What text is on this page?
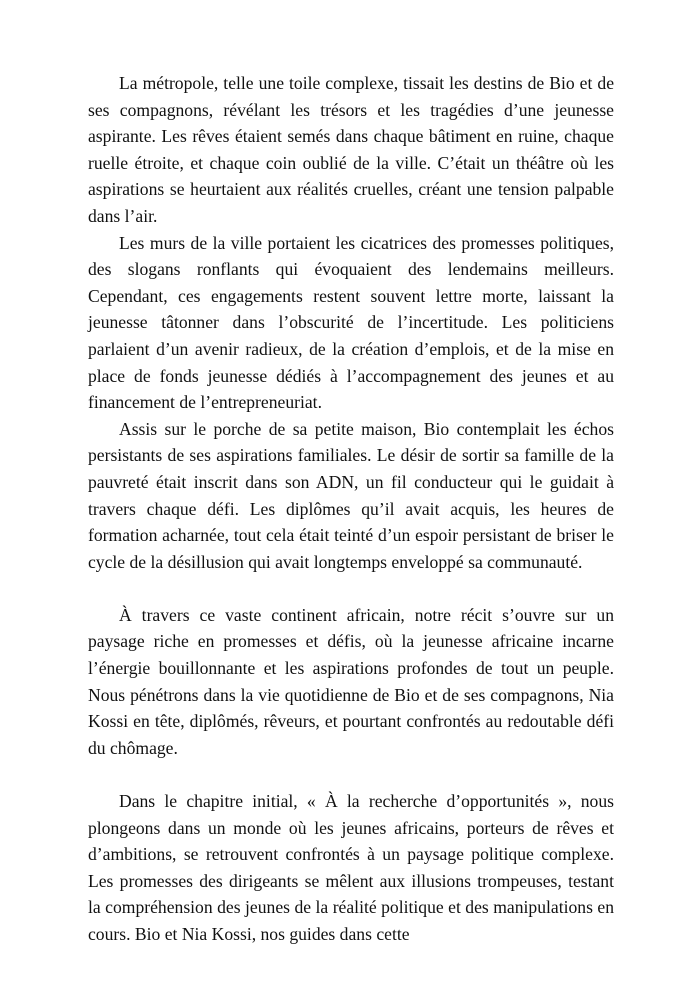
La métropole, telle une toile complexe, tissait les destins de Bio et de ses compagnons, révélant les trésors et les tragédies d’une jeunesse aspirante. Les rêves étaient semés dans chaque bâtiment en ruine, chaque ruelle étroite, et chaque coin oublié de la ville. C’était un théâtre où les aspirations se heurtaient aux réalités cruelles, créant une tension palpable dans l’air.

Les murs de la ville portaient les cicatrices des promesses politiques, des slogans ronflants qui évoquaient des lendemains meilleurs. Cependant, ces engagements restent souvent lettre morte, laissant la jeunesse tâtonner dans l’obscurité de l’incertitude. Les politiciens parlaient d’un avenir radieux, de la création d’emplois, et de la mise en place de fonds jeunesse dédiés à l’accompagnement des jeunes et au financement de l’entrepreneuriat.

Assis sur le porche de sa petite maison, Bio contemplait les échos persistants de ses aspirations familiales. Le désir de sortir sa famille de la pauvreté était inscrit dans son ADN, un fil conducteur qui le guidait à travers chaque défi. Les diplômes qu’il avait acquis, les heures de formation acharnée, tout cela était teinté d’un espoir persistant de briser le cycle de la désillusion qui avait longtemps enveloppé sa communauté.

À travers ce vaste continent africain, notre récit s’ouvre sur un paysage riche en promesses et défis, où la jeunesse africaine incarne l’énergie bouillonnante et les aspirations profondes de tout un peuple. Nous pénétrons dans la vie quotidienne de Bio et de ses compagnons, Nia Kossi en tête, diplômés, rêveurs, et pourtant confrontés au redoutable défi du chômage.

Dans le chapitre initial, « À la recherche d’opportunités », nous plongeons dans un monde où les jeunes africains, porteurs de rêves et d’ambitions, se retrouvent confrontés à un paysage politique complexe. Les promesses des dirigeants se mêlent aux illusions trompeuses, testant la compréhension des jeunes de la réalité politique et des manipulations en cours. Bio et Nia Kossi, nos guides dans cette
